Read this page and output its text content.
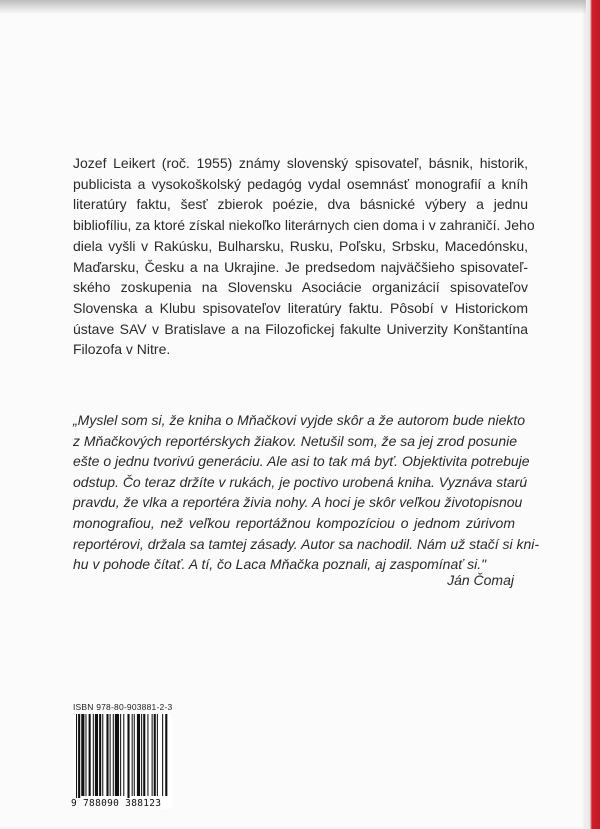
Jozef Leikert (roč. 1955) známy slovenský spisovateľ, básnik, historik,
publicista a vysokoškolský pedagóg vydal osemnásť monografií a kníh
literatúry faktu, šesť zbierok poézie, dva básnické výbery a jednu
bibliofíliu, za ktoré získal niekoľko literárnych cien doma i v zahraničí. Jeho
diela vyšli v Rakúsku, Bulharsku, Rusku, Poľsku, Srbsku, Macedónsku,
Maďarsku, Česku a na Ukrajine. Je predsedom najväčšieho spisovateľ-
ského zoskupenia na Slovensku Asociácie organizácií spisovateľov
Slovenska a Klubu spisovateľov literatúry faktu. Pôsobí v Historickom
ústave SAV v Bratislave a na Filozofickej fakulte Univerzity Konštantína
Filozofa v Nitre.
„Myslel som si, že kniha o Mňačkovi vyjde skôr a že autorom bude niekto
z Mňačkových reportérskych žiakov. Netušil som, že sa jej zrod posunie
ešte o jednu tvorivú generáciu. Ale asi to tak má byť. Objektivita potrebuje
odstup. Čo teraz držíte v rukách, je poctivo urobená kniha. Vyznáva starú
pravdu, že vlka a reportéra živia nohy. A hoci je skôr veľkou životopisnou
monografiou, než veľkou reportážnou kompozíciou o jednom zúrivom
reportérovi, držala sa tamtej zásady. Autor sa nachodil. Nám už stačí si kni-
hu v pohode čítať. A tí, čo Laca Mňačka poznali, aj zaspomínať si."
Ján Čomaj
ISBN 978-80-903881-2-3
9 788090 388123
